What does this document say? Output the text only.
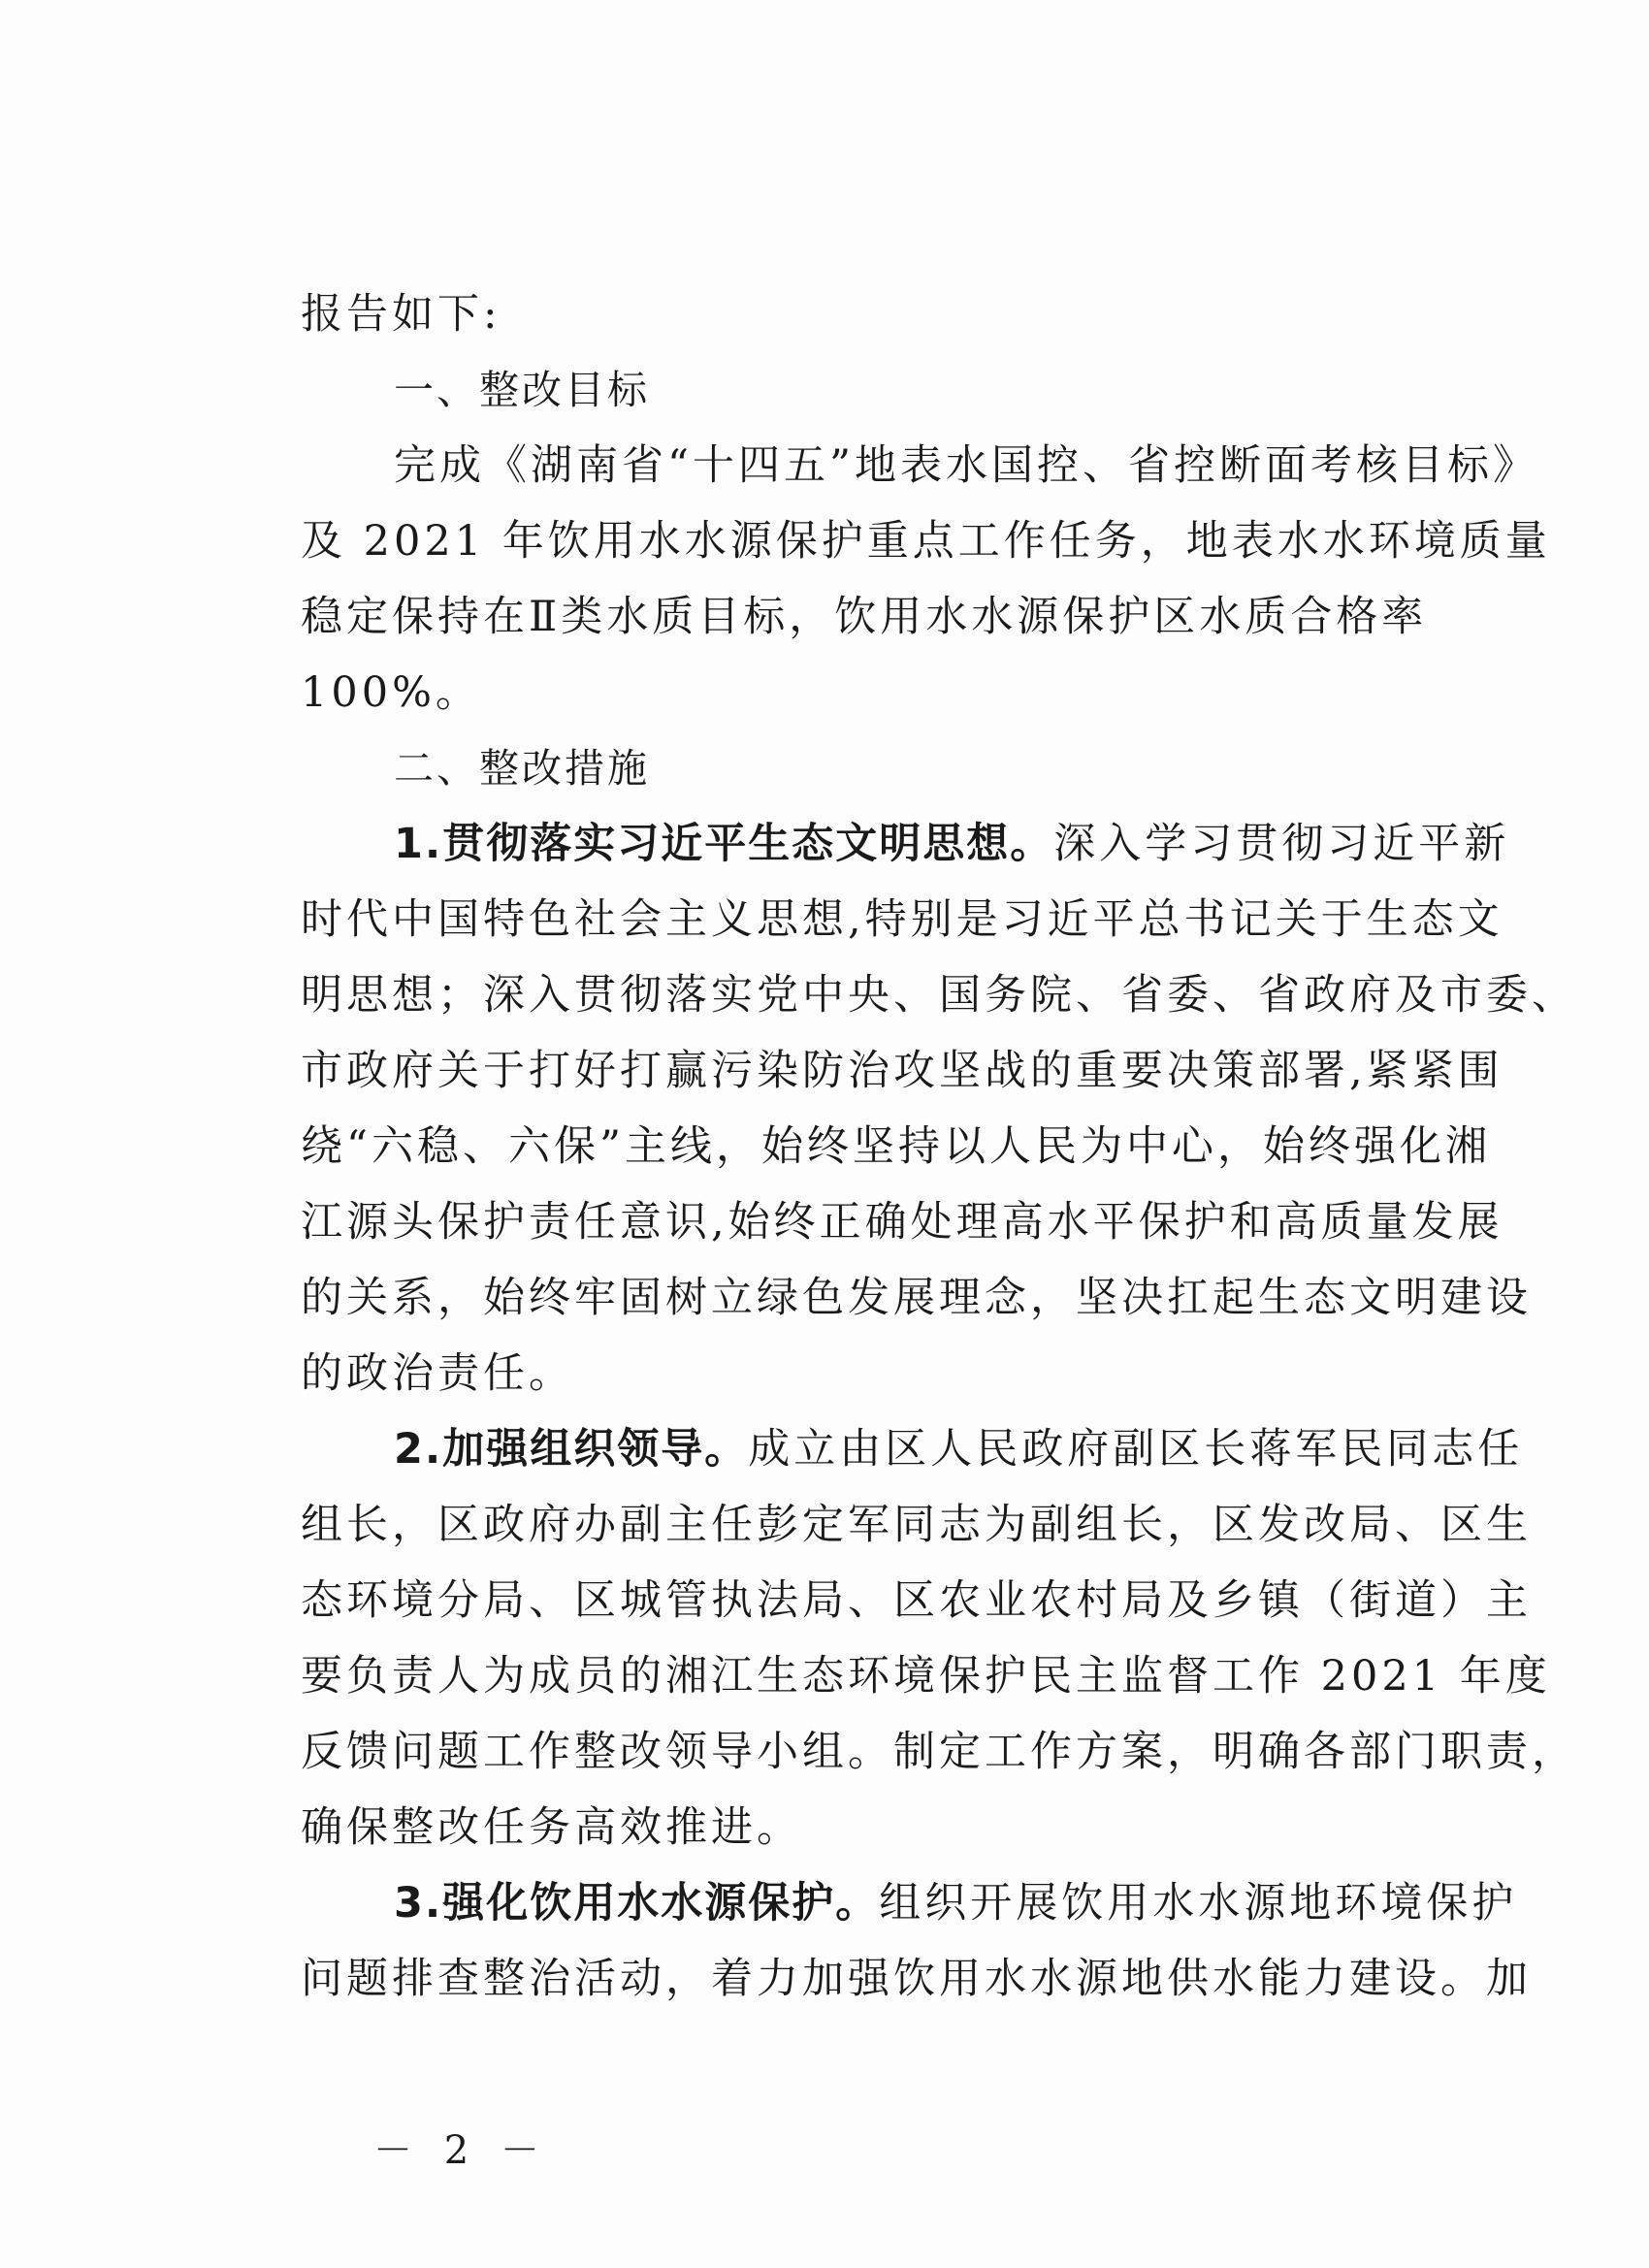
报告如下:
一、整改目标
完成《湖南省“十四五”地表水国控、省控断面考核目标》
及 2021 年饮用水水源保护重点工作任务，地表水水环境质量
稳定保持在Ⅱ类水质目标，饮用水水源保护区水质合格率
100%。
二、整改措施
1.贯彻落实习近平生态文明思想。深入学习贯彻习近平新
时代中国特色社会主义思想,特别是习近平总书记关于生态文
明思想；深入贯彻落实党中央、国务院、省委、省政府及市委、
市政府关于打好打赢污染防治攻坚战的重要决策部署,紧紧围
绕“六稳、六保”主线，始终坚持以人民为中心，始终强化湘
江源头保护责任意识,始终正确处理高水平保护和高质量发展
的关系，始终牢固树立绿色发展理念，坚决扛起生态文明建设
的政治责任。
2.加强组织领导。成立由区人民政府副区长蒋军民同志任
组长，区政府办副主任彭定军同志为副组长，区发改局、区生
态环境分局、区城管执法局、区农业农村局及乡镇（街道）主
要负责人为成员的湘江生态环境保护民主监督工作 2021 年度
反馈问题工作整改领导小组。制定工作方案，明确各部门职责，
确保整改任务高效推进。
3.强化饮用水水源保护。组织开展饮用水水源地环境保护
问题排查整治活动，着力加强饮用水水源地供水能力建设。加
－ 2 －
